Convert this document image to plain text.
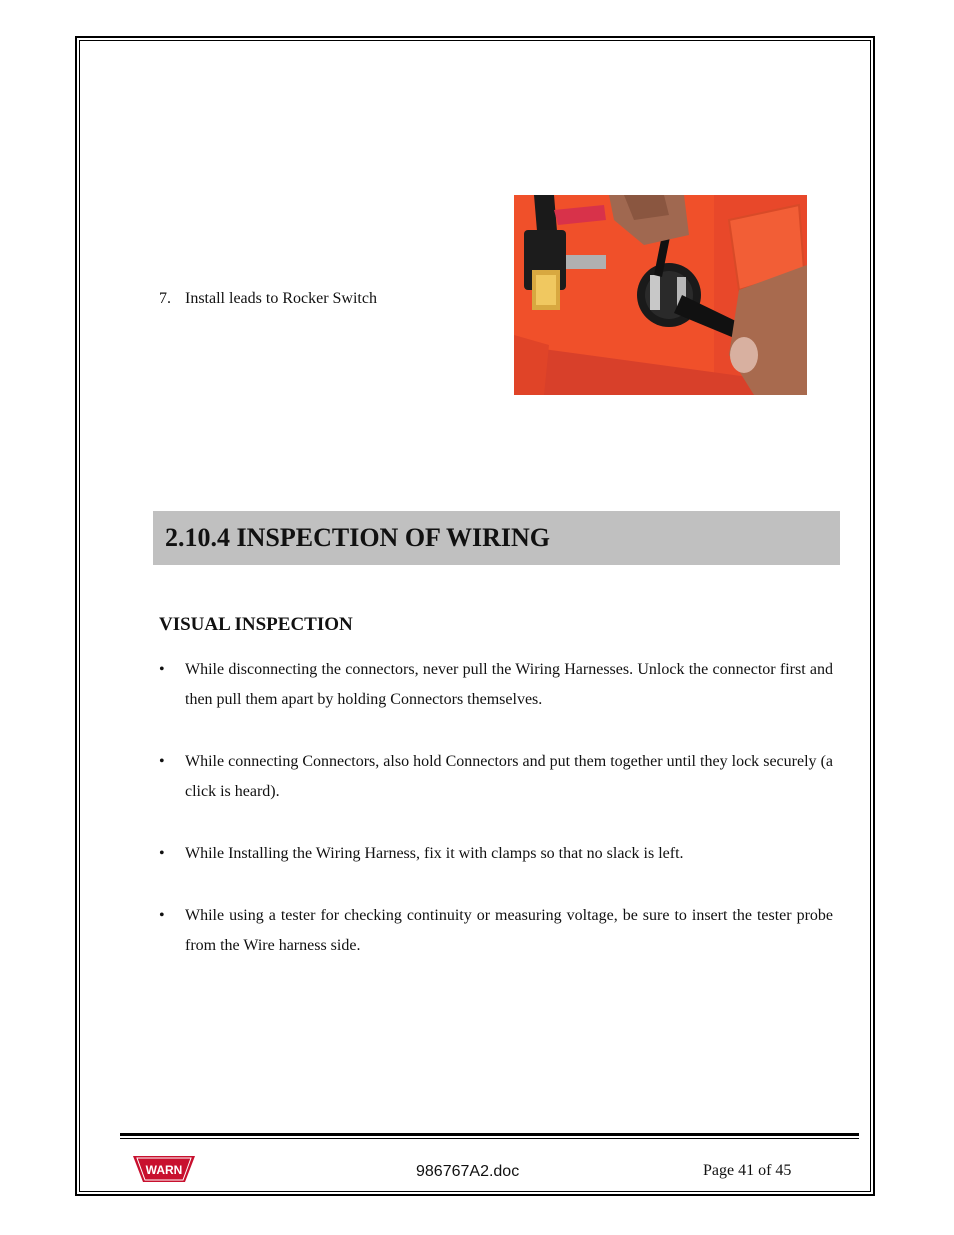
7. Install leads to Rocker Switch
2.10.4 INSPECTION OF WIRING
VISUAL INSPECTION
• While disconnecting the connectors, never pull the Wiring Harnesses. Unlock the connector first and then pull them apart by holding Connectors themselves.
• While connecting Connectors, also hold Connectors and put them together until they lock securely (a click is heard).
• While Installing the Wiring Harness, fix it with clamps so that no slack is left.
• While using a tester for checking continuity or measuring voltage, be sure to insert the tester probe from the Wire harness side.
WARN	986767A2.doc	Page 41 of 45
